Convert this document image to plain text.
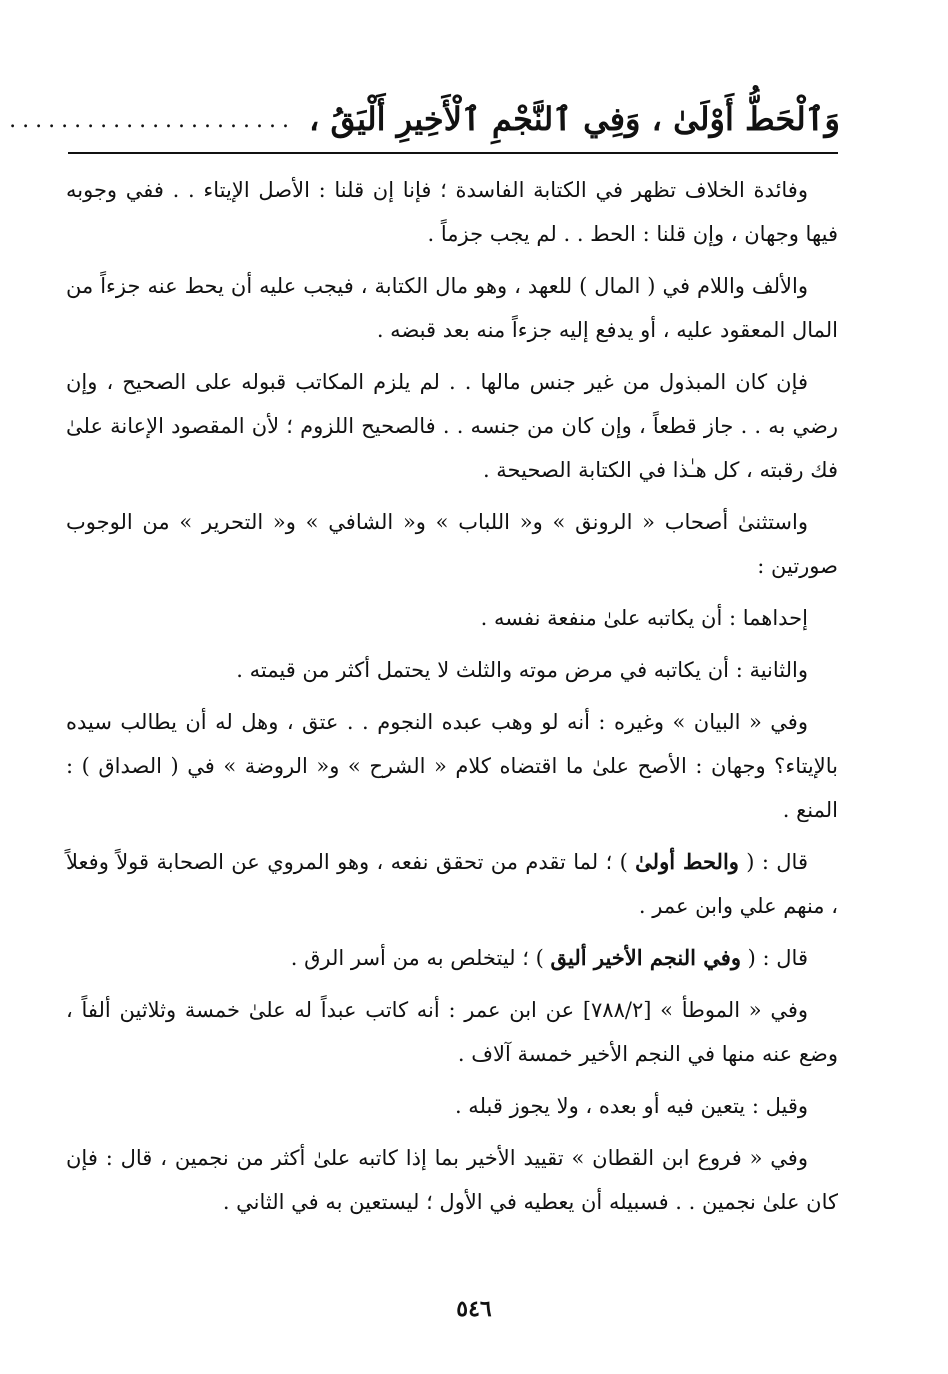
وَٱلْحَطُّ أَوْلَىٰ ، وَفِي ٱلنَّجْمِ ٱلْأَخِيرِ أَلْيَقُ ،
......................

وفائدة الخلاف تظهر في الكتابة الفاسدة ؛ فإنا إن قلنا : الأصل الإيتاء . . ففي وجوبه فيها وجهان ، وإن قلنا : الحط . . لم يجب جزماً .

والألف واللام في ( المال ) للعهد ، وهو مال الكتابة ، فيجب عليه أن يحط عنه جزءاً من المال المعقود عليه ، أو يدفع إليه جزءاً منه بعد قبضه .

فإن كان المبذول من غير جنس مالها . . لم يلزم المكاتب قبوله على الصحيح ، وإن رضي به . . جاز قطعاً ، وإن كان من جنسه . . فالصحيح اللزوم ؛ لأن المقصود الإعانة علىٰ فك رقبته ، كل هـٰذا في الكتابة الصحيحة .

واستثنىٰ أصحاب « الرونق » و« اللباب » و« الشافي » و« التحرير » من الوجوب صورتين :

إحداهما : أن يكاتبه علىٰ منفعة نفسه .

والثانية : أن يكاتبه في مرض موته والثلث لا يحتمل أكثر من قيمته .

وفي « البيان » وغيره : أنه لو وهب عبده النجوم . . عتق ، وهل له أن يطالب سيده بالإيتاء؟ وجهان : الأصح علىٰ ما اقتضاه كلام « الشرح » و« الروضة » في ( الصداق ) : المنع .

قال : ( والحط أولىٰ ) ؛ لما تقدم من تحقق نفعه ، وهو المروي عن الصحابة قولاً وفعلاً ، منهم علي وابن عمر .

قال : ( وفي النجم الأخير أليق ) ؛ ليتخلص به من أسر الرق .

وفي « الموطأ » [٧٨٨/٢] عن ابن عمر : أنه كاتب عبداً له علىٰ خمسة وثلاثين ألفاً ، وضع عنه منها في النجم الأخير خمسة آلاف .

وقيل : يتعين فيه أو بعده ، ولا يجوز قبله .

وفي « فروع ابن القطان » تقييد الأخير بما إذا كاتبه علىٰ أكثر من نجمين ، قال : فإن كان علىٰ نجمين . . فسبيله أن يعطيه في الأول ؛ ليستعين به في الثاني .

٥٤٦
